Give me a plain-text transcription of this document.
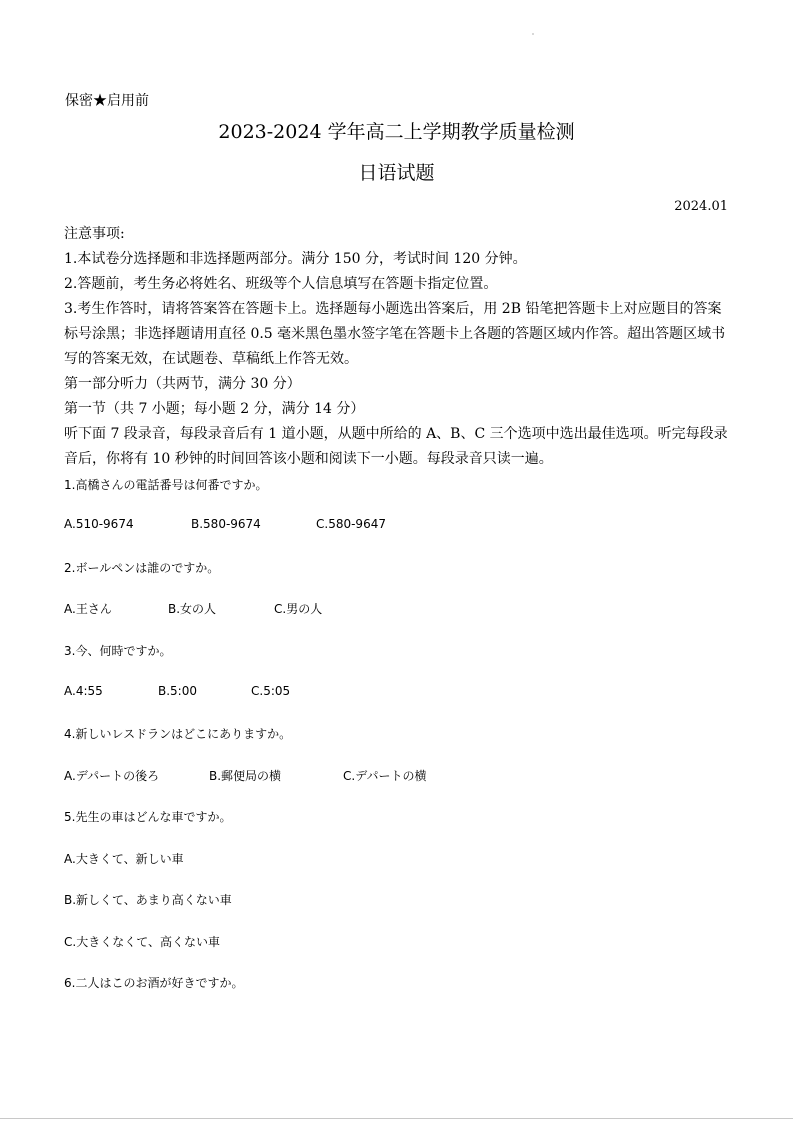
保密★启用前
2023-2024 学年高二上学期教学质量检测
日语试题
2024.01

注意事项:

1.本试卷分选择题和非选择题两部分。满分 150 分，考试时间 120 分钟。

2.答题前，考生务必将姓名、班级等个人信息填写在答题卡指定位置。

3.考生作答时，请将答案答在答题卡上。选择题每小题选出答案后，用 2B 铅笔把答题卡上对应题目的答案标号涂黑；非选择题请用直径 0.5 毫米黑色墨水签字笔在答题卡上各题的答题区域内作答。超出答题区域书写的答案无效，在试题卷、草稿纸上作答无效。

第一部分听力（共两节，满分 30 分）

第一节（共 7 小题；每小题 2 分，满分 14 分）

听下面 7 段录音，每段录音后有 1 道小题，从题中所给的 A、B、C 三个选项中选出最佳选项。听完每段录音后，你将有 10 秒钟的时间回答该小题和阅读下一小题。每段录音只读一遍。

1.高橋さんの電話番号は何番ですか。
A.510-9674	B.580-9674	C.580-9647
2.ボールペンは誰のですか。
A.王さん	B.女の人	C.男の人
3.今、何時ですか。
A.4:55	B.5:00	C.5:05
4.新しいレスドランはどこにありますか。
A.デパートの後ろ	B.郵便局の横	C.デパートの横
5.先生の車はどんな車ですか。
A.大きくて、新しい車
B.新しくて、あまり高くない車
C.大きくなくて、高くない車
6.二人はこのお酒が好きですか。
